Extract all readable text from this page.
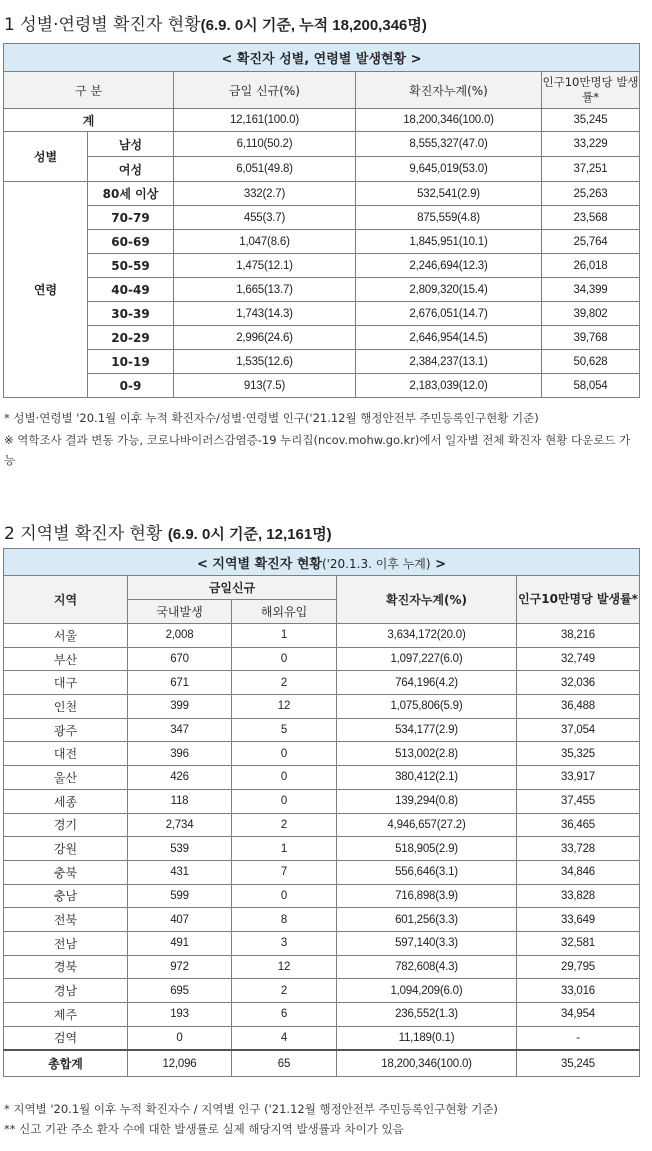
1 성별·연령별 확진자 현황(6.9. 0시 기준, 누적 18,200,346명)
< 확진자 성별, 연령별 발생현황 >				
구 분		금일 신규(%)	확진자누계(%)	인구10만명당 발생률*
계		12,161(100.0)	18,200,346(100.0)	35,245
성별	남성	6,110(50.2)	8,555,327(47.0)	33,229
	여성	6,051(49.8)	9,645,019(53.0)	37,251
연령	80세 이상	332(2.7)	532,541(2.9)	25,263
	70-79	455(3.7)	875,559(4.8)	23,568
	60-69	1,047(8.6)	1,845,951(10.1)	25,764
	50-59	1,475(12.1)	2,246,694(12.3)	26,018
	40-49	1,665(13.7)	2,809,320(15.4)	34,399
	30-39	1,743(14.3)	2,676,051(14.7)	39,802
	20-29	2,996(24.6)	2,646,954(14.5)	39,768
	10-19	1,535(12.6)	2,384,237(13.1)	50,628
	0-9	913(7.5)	2,183,039(12.0)	58,054
* 성별·연령별 '20.1월 이후 누적 확진자수/성별·연령별 인구('21.12월 행정안전부 주민등록인구현황 기준)
※ 역학조사 결과 변동 가능, 코로나바이러스감염증-19 누리집(ncov.mohw.go.kr)에서 일자별 전체 확진자 현황 다운로드 가능
2 지역별 확진자 현황 (6.9. 0시 기준, 12,161명)
< 지역별 확진자 현황('20.1.3. 이후 누계) >				
지역	금일신규		확진자누계(%)	인구10만명당 발생률*
	국내발생	해외유입		
서울	2,008	1	3,634,172(20.0)	38,216
부산	670	0	1,097,227(6.0)	32,749
대구	671	2	764,196(4.2)	32,036
인천	399	12	1,075,806(5.9)	36,488
광주	347	5	534,177(2.9)	37,054
대전	396	0	513,002(2.8)	35,325
울산	426	0	380,412(2.1)	33,917
세종	118	0	139,294(0.8)	37,455
경기	2,734	2	4,946,657(27.2)	36,465
강원	539	1	518,905(2.9)	33,728
충북	431	7	556,646(3.1)	34,846
충남	599	0	716,898(3.9)	33,828
전북	407	8	601,256(3.3)	33,649
전남	491	3	597,140(3.3)	32,581
경북	972	12	782,608(4.3)	29,795
경남	695	2	1,094,209(6.0)	33,016
제주	193	6	236,552(1.3)	34,954
검역	0	4	11,189(0.1)	-
총합계	12,096	65	18,200,346(100.0)	35,245
* 지역별 '20.1월 이후 누적 확진자수 / 지역별 인구 ('21.12월 행정안전부 주민등록인구현황 기준)
** 신고 기관 주소 환자 수에 대한 발생률로 실제 해당지역 발생률과 차이가 있음
